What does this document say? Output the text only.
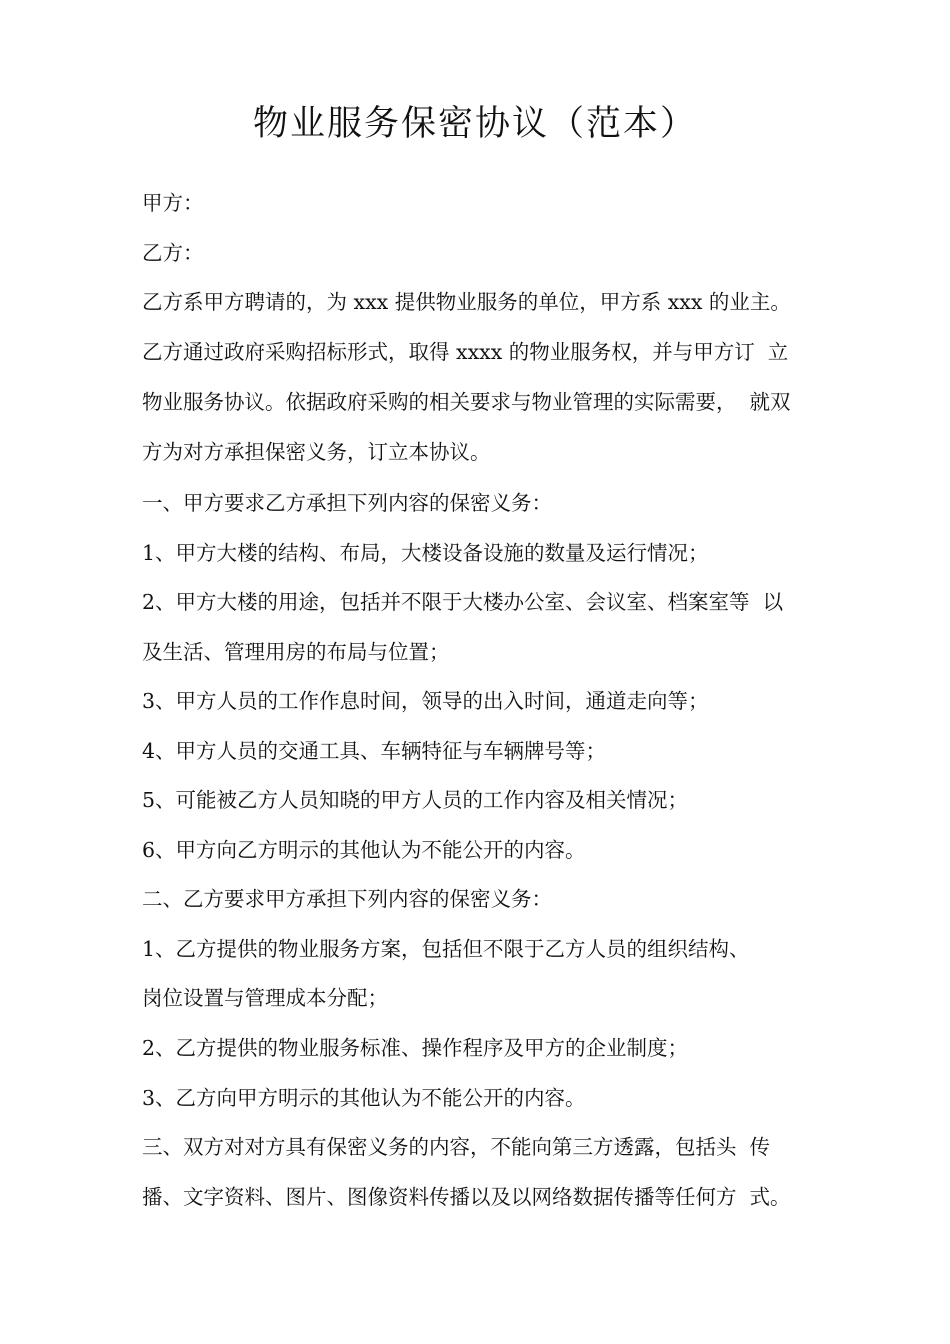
物业服务保密协议（范本）
甲方：
乙方：
乙方系甲方聘请的，为 xxx 提供物业服务的单位，甲方系 xxx 的业主。
乙方通过政府采购招标形式，取得 xxxx 的物业服务权，并与甲方订  立
物业服务协议。依据政府采购的相关要求与物业管理的实际需要，  就双
方为对方承担保密义务，订立本协议。
一、甲方要求乙方承担下列内容的保密义务：
1、甲方大楼的结构、布局，大楼设备设施的数量及运行情况；
2、甲方大楼的用途，包括并不限于大楼办公室、会议室、档案室等  以
及生活、管理用房的布局与位置；
3、甲方人员的工作作息时间，领导的出入时间，通道走向等；
4、甲方人员的交通工具、车辆特征与车辆牌号等；
5、可能被乙方人员知晓的甲方人员的工作内容及相关情况；
6、甲方向乙方明示的其他认为不能公开的内容。
二、乙方要求甲方承担下列内容的保密义务：
1、乙方提供的物业服务方案，包括但不限于乙方人员的组织结构、
岗位设置与管理成本分配；
2、乙方提供的物业服务标准、操作程序及甲方的企业制度；
3、乙方向甲方明示的其他认为不能公开的内容。
三、双方对对方具有保密义务的内容，不能向第三方透露，包括头  传
播、文字资料、图片、图像资料传播以及以网络数据传播等任何方  式。
